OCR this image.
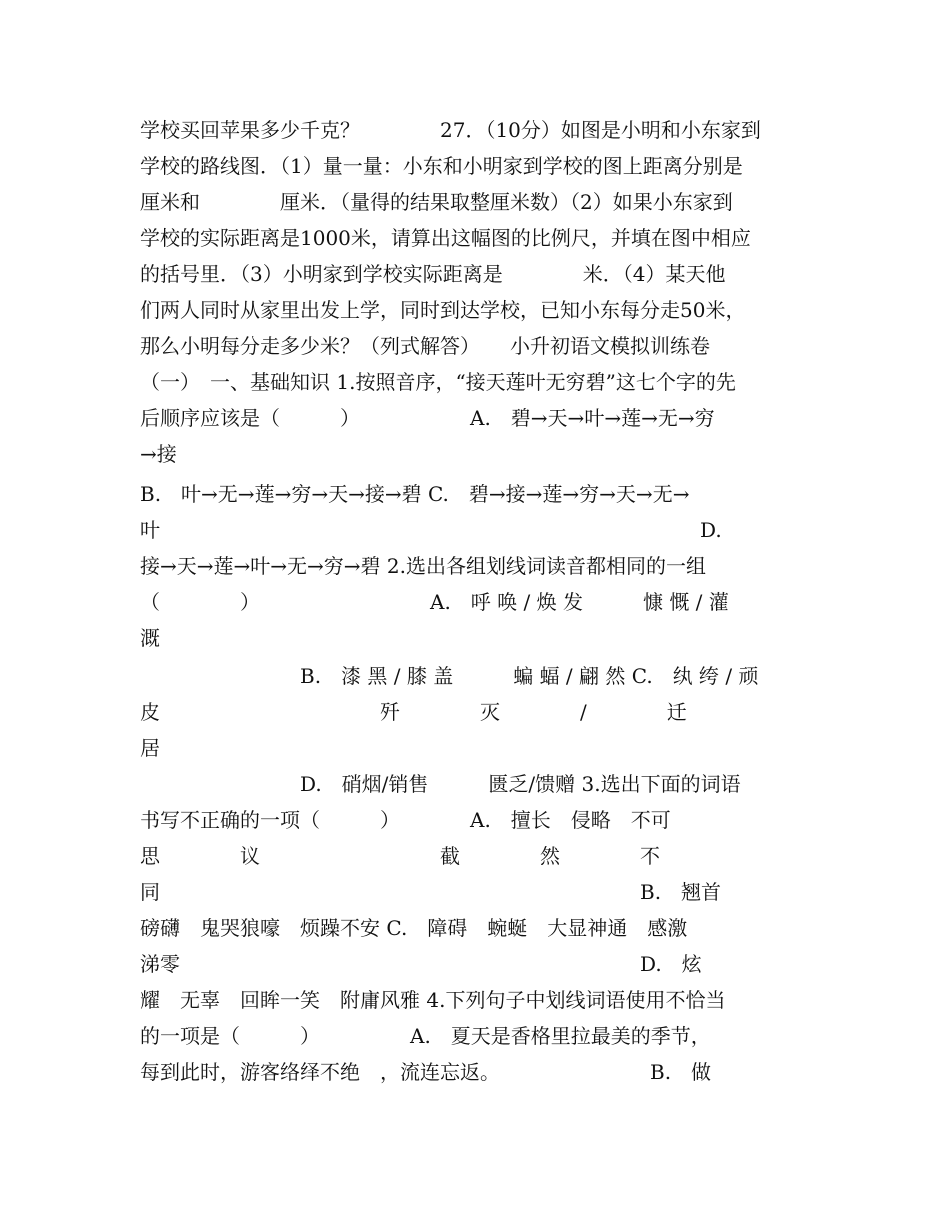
学校买回苹果多少千克？　　　　27．（10分）如图是小明和小东家到
学校的路线图．（1）量一量：小东和小明家到学校的图上距离分别是
厘米和　　　　厘米．（量得的结果取整厘米数）（2）如果小东家到
学校的实际距离是1000米，请算出这幅图的比例尺，并填在图中相应
的括号里．（3）小明家到学校实际距离是　　　　米．（4）某天他
们两人同时从家里出发上学，同时到达学校，已知小东每分走50米，
那么小明每分走多少米？（列式解答）　　小升初语文模拟训练卷
（一）　一、基础知识 1.按照音序，“接天莲叶无穷碧”这七个字的先
后顺序应该是（　　　）　　　　　　A.　碧→天→叶→莲→无→穷
→接
B.　叶→无→莲→穷→天→接→碧 C.　碧→接→莲→穷→天→无→
叶　　　　　　　　　　　　　　　　　　　　　　　　　　　D.
接→天→莲→叶→无→穷→碧 2.选出各组划线词读音都相同的一组
（　　　　）　　　　　　　　　A.　呼 唤 / 焕 发　　　慷 慨 / 灌
溉
　　　　　　　　B.　漆 黑 / 膝 盖　　　蝙 蝠 / 翩 然 C.　纨 绔 / 顽
皮　　　　　　　　　　　歼　　　　灭　　　　/　　　　迁
居
　　　　　　　　D.　硝烟/销售　　　匮乏/馈赠 3.选出下面的词语
书写不正确的一项（　　　）　　　　A.　擅长　侵略　不可
思　　　　议　　　　　　　　　截　　　　然　　　　不
同　　　　　　　　　　　　　　　　　　　　　　　　B.　翘首
磅礴　鬼哭狼嚎　烦躁不安 C.　障碍　蜿蜒　大显神通　感激
涕零　　　　　　　　　　　　　　　　　　　　　　　D.　炫
耀　无辜　回眸一笑　附庸风雅 4.下列句子中划线词语使用不恰当
的一项是（　　　）　　　　　A.　夏天是香格里拉最美的季节，
每到此时，游客络绎不绝　，流连忘返。　　　　　　　　B.　做
